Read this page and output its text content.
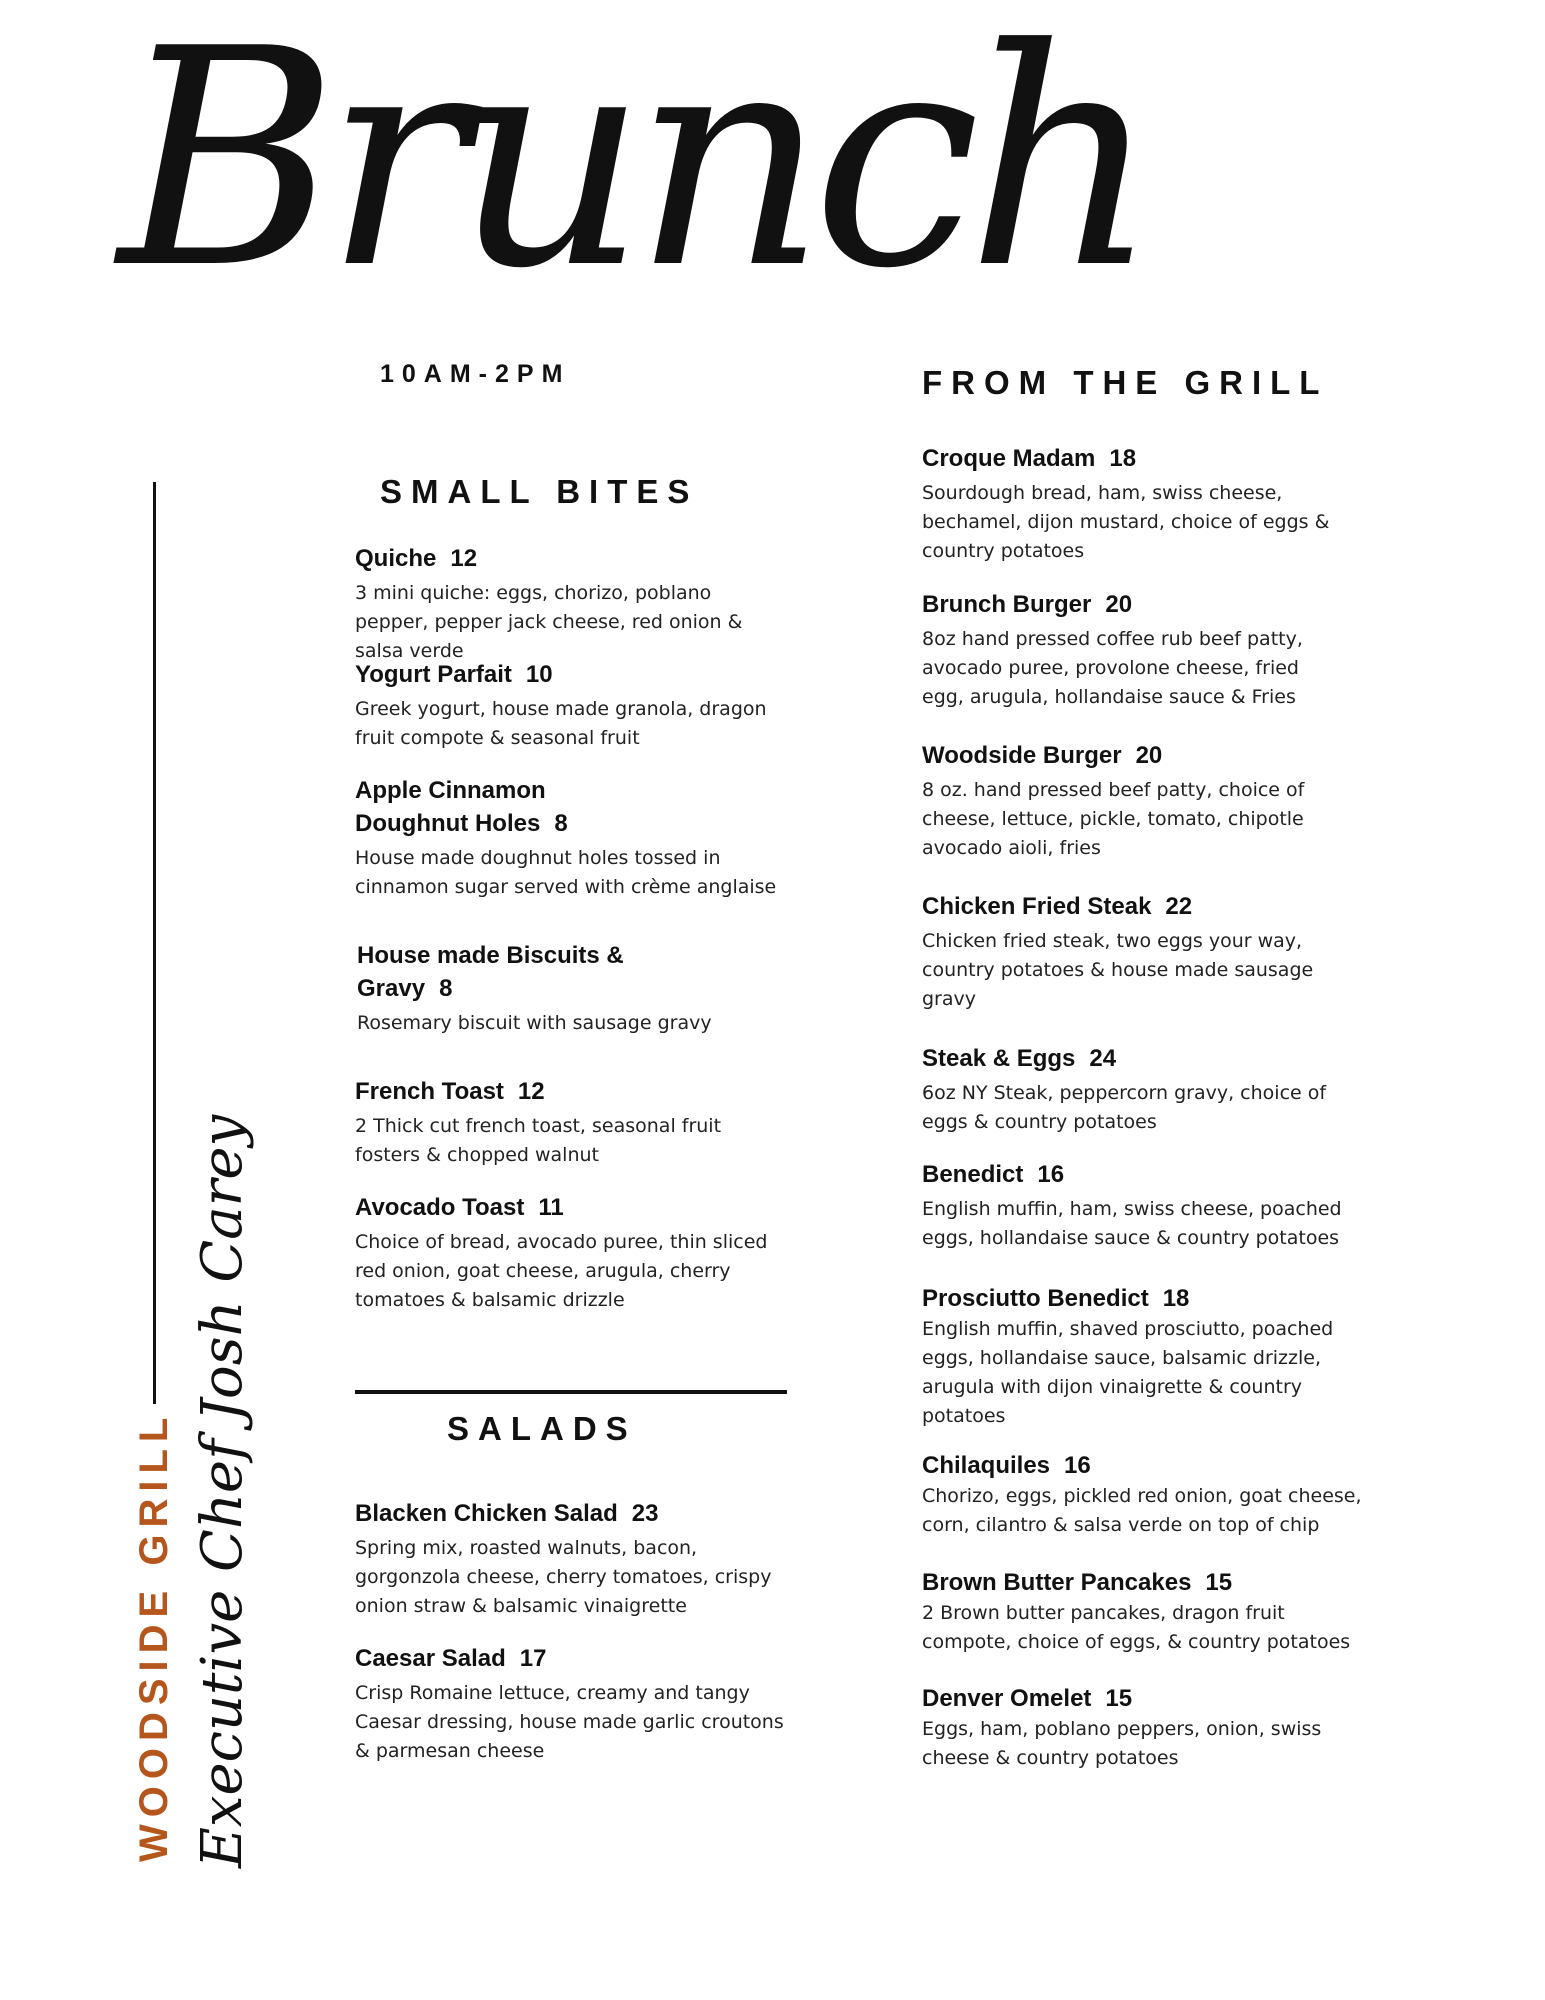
Brunch

10AM-2PM

WOODSIDE GRILL Executive Chef Josh Carey
SMALL BITES

Quiche 12

3 mini quiche: eggs, chorizo, poblano pepper, pepper jack cheese, red onion & salsa verde

Yogurt Parfait 10

Greek yogurt, house made granola, dragon fruit compote & seasonal fruit

Apple Cinnamon Doughnut Holes 8

House made doughnut holes tossed in cinnamon sugar served with crème anglaise

House made Biscuits & Gravy 8

Rosemary biscuit with sausage gravy

French Toast 12

2 Thick cut french toast, seasonal fruit fosters & chopped walnut

Avocado Toast 11

Choice of bread, avocado puree, thin sliced red onion, goat cheese, arugula, cherry tomatoes & balsamic drizzle

SALADS

Blacken Chicken Salad 23

Spring mix, roasted walnuts, bacon, gorgonzola cheese, cherry tomatoes, crispy onion straw & balsamic vinaigrette

Caesar Salad 17

Crisp Romaine lettuce, creamy and tangy Caesar dressing, house made garlic croutons & parmesan cheese

FROM THE GRILL

Croque Madam 18

Sourdough bread, ham, swiss cheese, bechamel, dijon mustard, choice of eggs & country potatoes

Brunch Burger 20

8oz hand pressed coffee rub beef patty, avocado puree, provolone cheese, fried egg, arugula, hollandaise sauce & Fries

Woodside Burger 20

8 oz. hand pressed beef patty, choice of cheese, lettuce, pickle, tomato, chipotle avocado aioli, fries

Chicken Fried Steak 22

Chicken fried steak, two eggs your way, country potatoes & house made sausage gravy

Steak & Eggs 24

6oz NY Steak, peppercorn gravy, choice of eggs & country potatoes

Benedict 16

English muffin, ham, swiss cheese, poached eggs, hollandaise sauce & country potatoes

Prosciutto Benedict 18

English muffin, shaved prosciutto, poached eggs, hollandaise sauce, balsamic drizzle, arugula with dijon vinaigrette & country potatoes

Chilaquiles 16

Chorizo, eggs, pickled red onion, goat cheese, corn, cilantro & salsa verde on top of chip

Brown Butter Pancakes 15

2 Brown butter pancakes, dragon fruit compote, choice of eggs, & country potatoes

Denver Omelet 15

Eggs, ham, poblano peppers, onion, swiss cheese & country potatoes
